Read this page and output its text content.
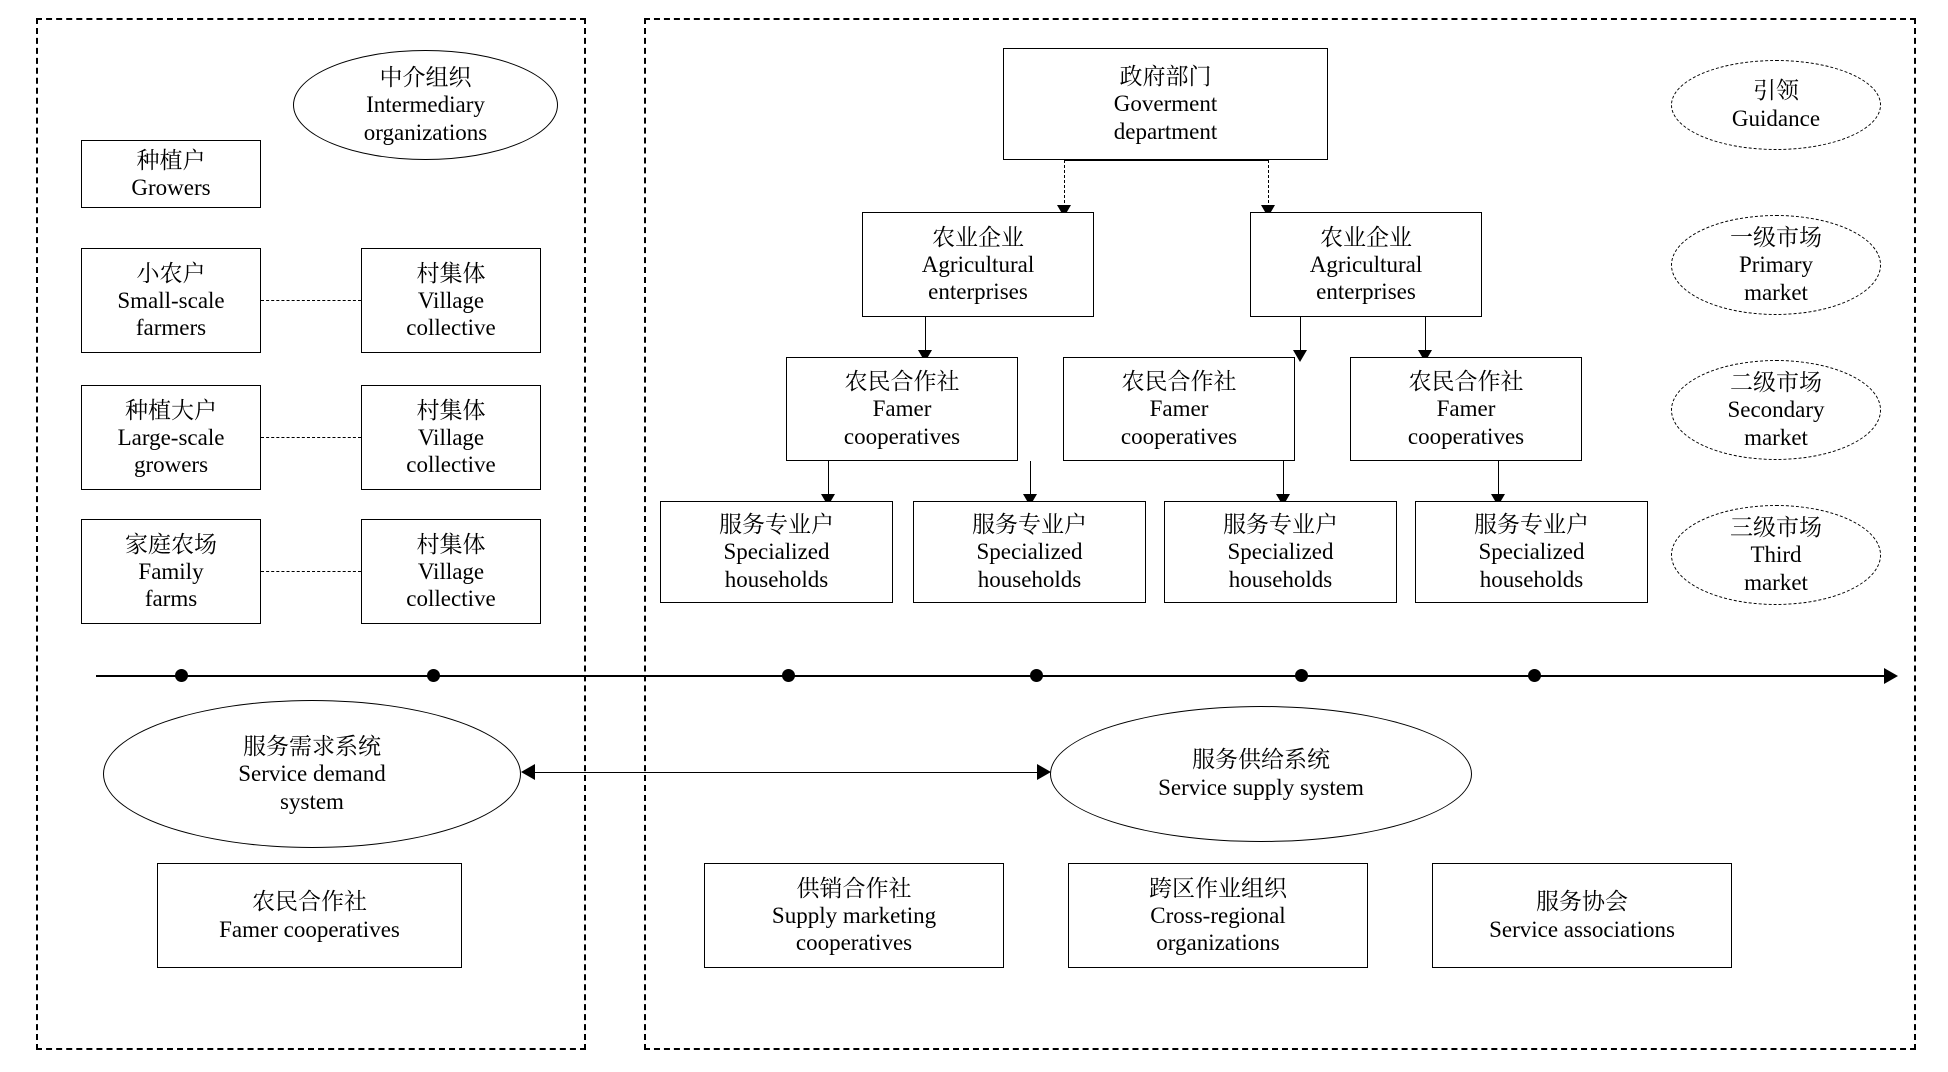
中介组织
Intermediary
organizations
种植户
Growers
小农户
Small-scale
farmers
村集体
Village
collective
种植大户
Large-scale
growers
村集体
Village
collective
家庭农场
Family
farms
村集体
Village
collective
政府部门
Goverment
department
农业企业
Agricultural
enterprises
农业企业
Agricultural
enterprises
农民合作社
Famer
cooperatives
农民合作社
Famer
cooperatives
农民合作社
Famer
cooperatives
服务专业户
Specialized
households
服务专业户
Specialized
households
服务专业户
Specialized
households
服务专业户
Specialized
households
引领
Guidance
一级市场
Primary
market
二级市场
Secondary
market
三级市场
Third
market
服务需求系统
Service demand
system
服务供给系统
Service supply system
农民合作社
Famer cooperatives
供销合作社
Supply marketing
cooperatives
跨区作业组织
Cross-regional
organizations
服务协会
Service associations
